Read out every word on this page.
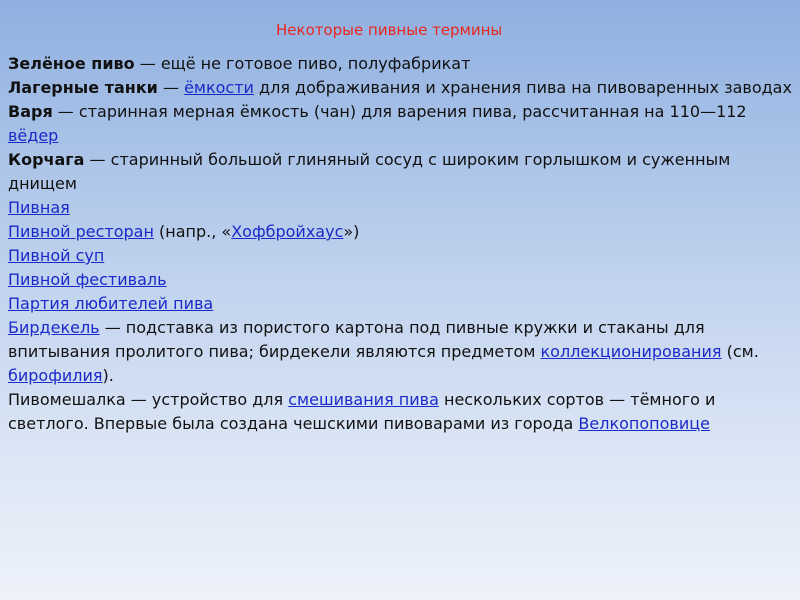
Некоторые пивные термины

Зелёное пиво — ещё не готовое пиво, полуфабрикат

Лагерные танки — ёмкости для дображивания и хранения пива на пивоваренных заводах

Варя — старинная мерная ёмкость (чан) для варения пива, рассчитанная на 110—112 вёдер

Корчага — старинный большой глиняный сосуд с широким горлышком и суженным днищем

Пивная

Пивной ресторан (напр., «Хофбройхаус»)

Пивной суп

Пивной фестиваль

Партия любителей пива

Бирдекель — подставка из пористого картона под пивные кружки и стаканы для впитывания пролитого пива; бирдекели являются предметом коллекционирования (см. бирофилия).

Пивомешалка — устройство для смешивания пива нескольких сортов — тёмного и светлого. Впервые была создана чешскими пивоварами из города Велкопоповице
